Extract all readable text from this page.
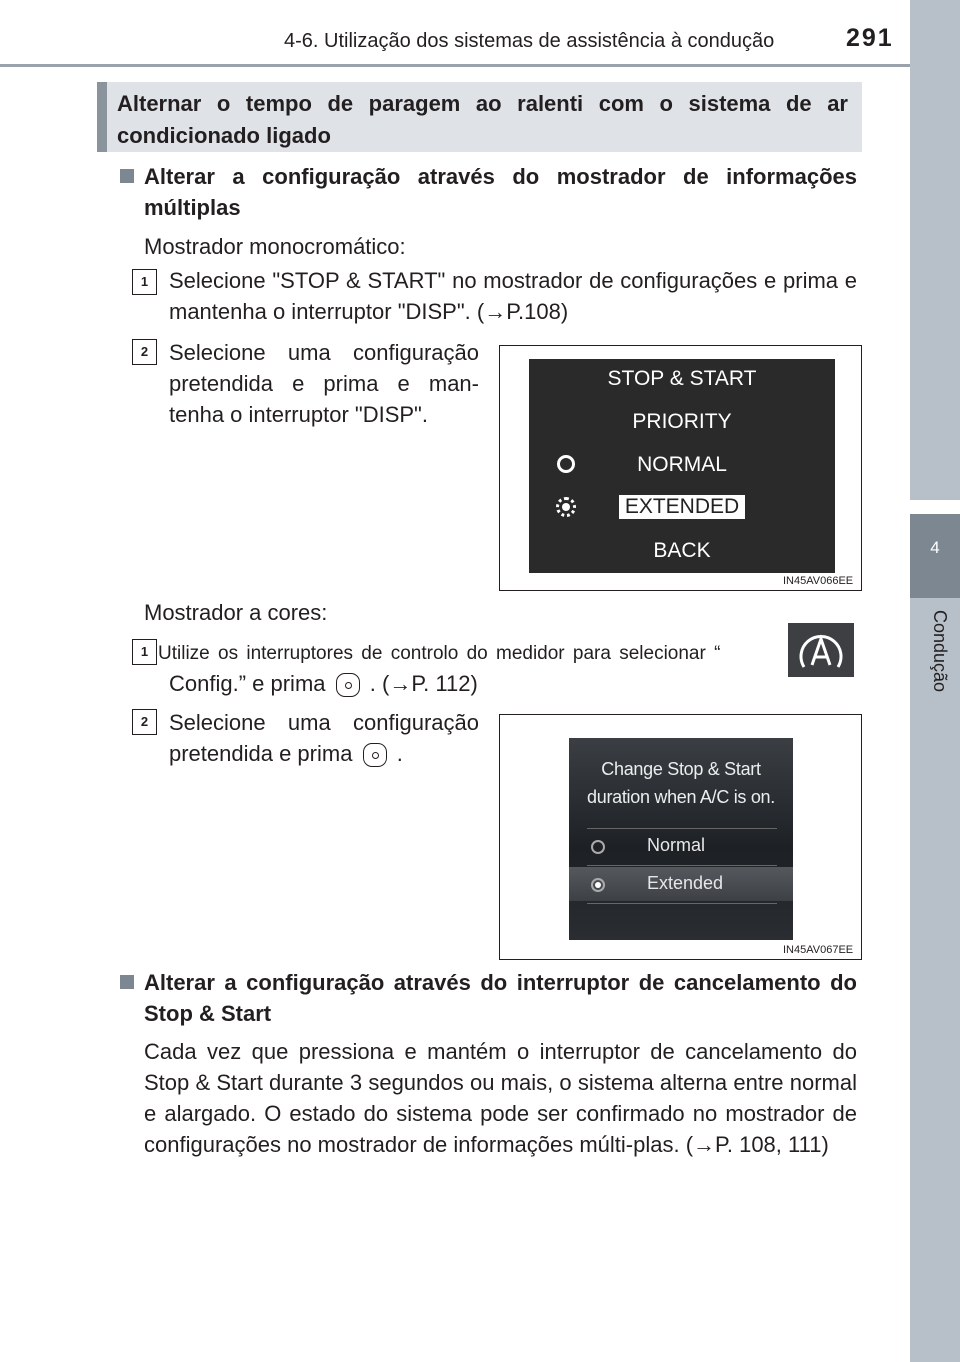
4-6. Utilização dos sistemas de assistência à condução	291
4
Condução
Alternar o tempo de paragem ao ralenti com o sistema de ar condicionado ligado
Alterar a configuração através do mostrador de informações múltiplas
Mostrador monocromático:
1 Selecione "STOP & START" no mostrador de configurações e prima e mantenha o interruptor "DISP". (→P.108)
2 Selecione uma configuração pretendida e prima e man-tenha o interruptor "DISP".
STOP & START
PRIORITY
NORMAL
EXTENDED
BACK
IN45AV066EE
Mostrador a cores:
1 Utilize os interruptores de controlo do medidor para selecionar “
Config.” e prima . (→P. 112)
2 Selecione uma configuração pretendida e prima .
Change Stop & Start
duration when A/C is on.
Normal
Extended
IN45AV067EE
Alterar a configuração através do interruptor de cancelamento do Stop & Start
Cada vez que pressiona e mantém o interruptor de cancelamento do Stop & Start durante 3 segundos ou mais, o sistema alterna entre normal e alargado. O estado do sistema pode ser confirmado no mostrador de configurações no mostrador de informações múlti-plas. (→P. 108, 111)
